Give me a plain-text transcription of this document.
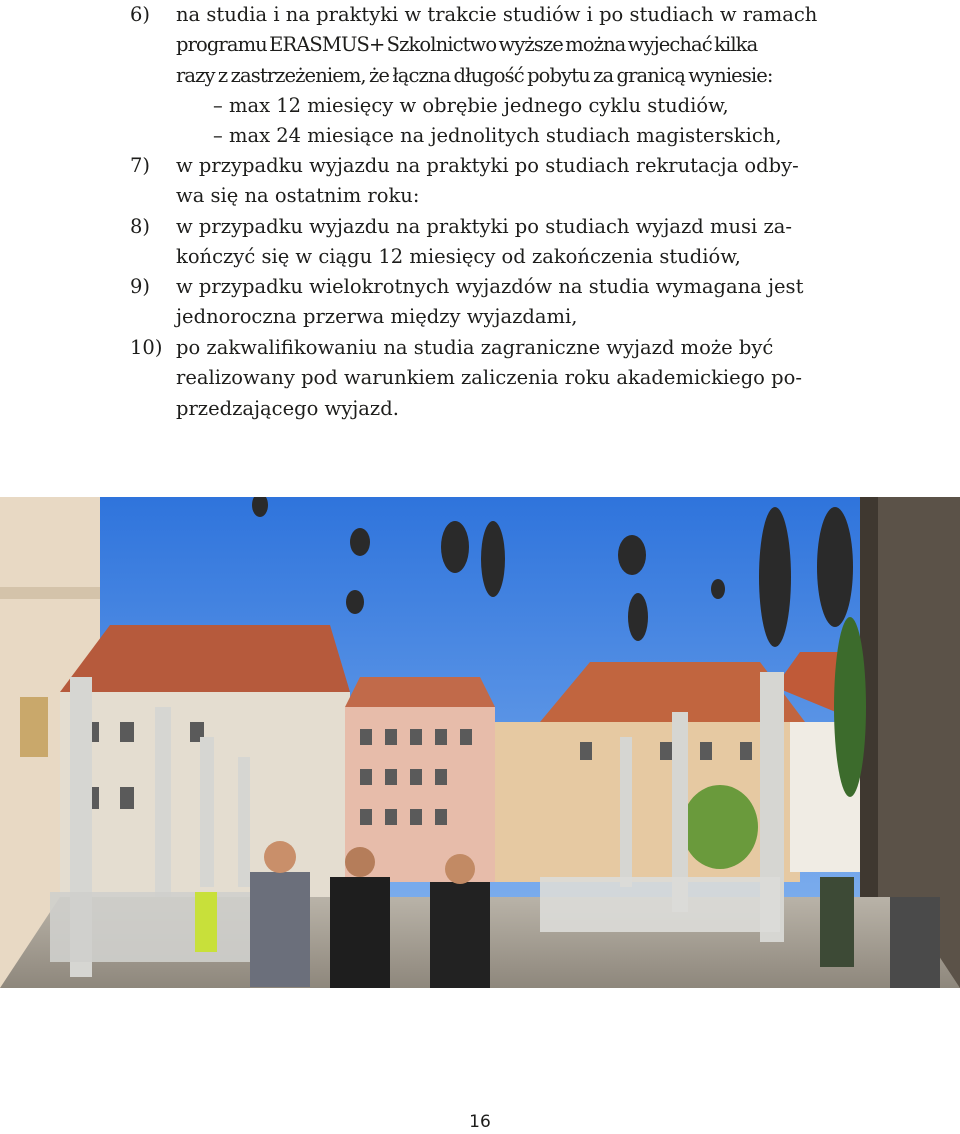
6)	na studia i na praktyki w trakcie studiów i po studiach w ramach
programu ERASMUS+ Szkolnictwo wyższe można wyjechać kilka
razy z zastrzeżeniem, że łączna długość pobytu za granicą wyniesie:
– max 12 miesięcy w obrębie jednego cyklu studiów,
– max 24 miesiące na jednolitych studiach magisterskich,
7)	w przypadku wyjazdu na praktyki po studiach rekrutacja odby-
wa się na ostatnim roku:
8)	w przypadku wyjazdu na praktyki po studiach wyjazd musi za-
kończyć się w ciągu 12 miesięcy od zakończenia studiów,
9)	w przypadku wielokrotnych wyjazdów na studia wymagana jest
jednoroczna przerwa między wyjazdami,
10) po zakwalifikowaniu na studia zagraniczne wyjazd może być
realizowany pod warunkiem zaliczenia roku akademickiego po-
przedzającego wyjazd.
16
